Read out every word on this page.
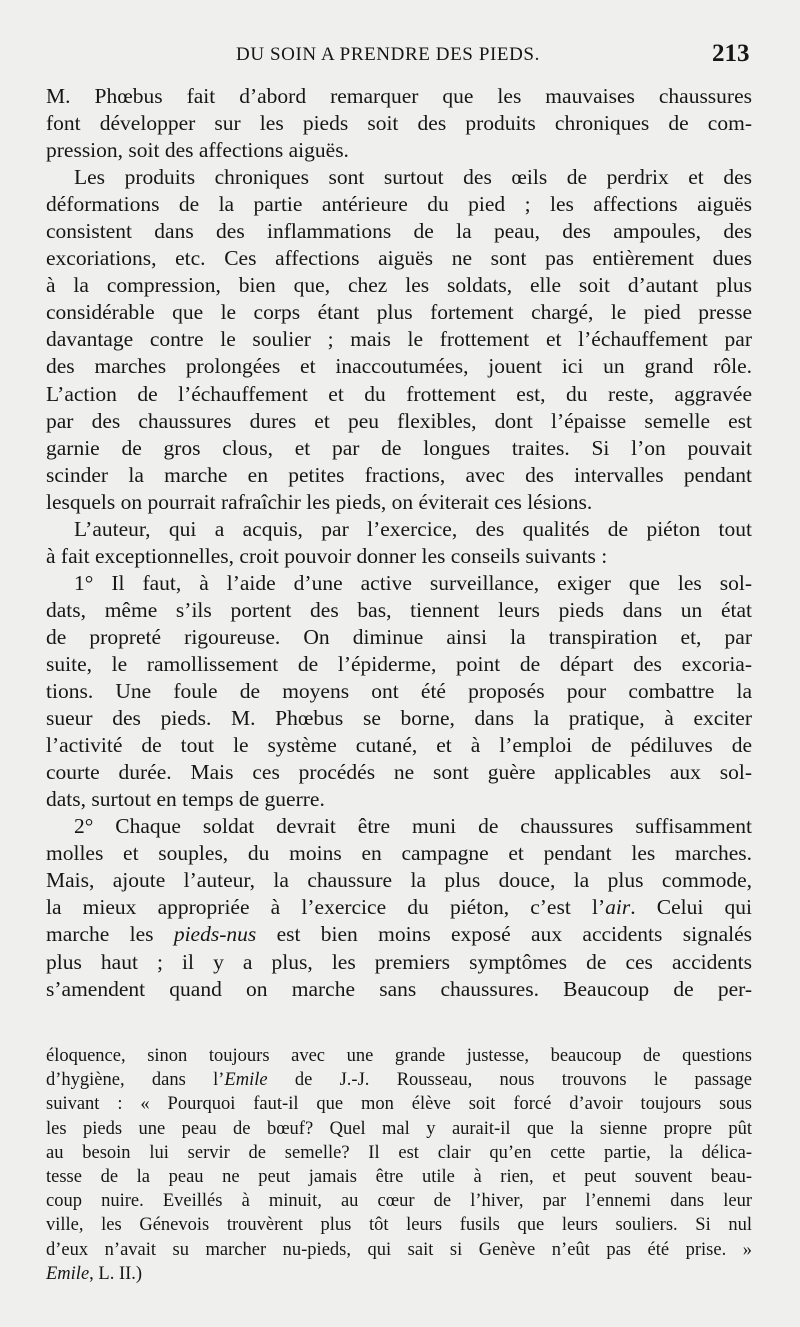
DU SOIN A PRENDRE DES PIEDS.	213
M. Phœbus fait d’abord remarquer que les mauvaises chaussures
font développer sur les pieds soit des produits chroniques de com-
pression, soit des affections aiguës.
Les produits chroniques sont surtout des œils de perdrix et des
déformations de la partie antérieure du pied ; les affections aiguës
consistent dans des inflammations de la peau, des ampoules, des
excoriations, etc. Ces affections aiguës ne sont pas entièrement dues
à la compression, bien que, chez les soldats, elle soit d’autant plus
considérable que le corps étant plus fortement chargé, le pied presse
davantage contre le soulier ; mais le frottement et l’échauffement par
des marches prolongées et inaccoutumées, jouent ici un grand rôle.
L’action de l’échauffement et du frottement est, du reste, aggravée
par des chaussures dures et peu flexibles, dont l’épaisse semelle est
garnie de gros clous, et par de longues traites. Si l’on pouvait
scinder la marche en petites fractions, avec des intervalles pendant
lesquels on pourrait rafraîchir les pieds, on éviterait ces lésions.
L’auteur, qui a acquis, par l’exercice, des qualités de piéton tout
à fait exceptionnelles, croit pouvoir donner les conseils suivants :
1° Il faut, à l’aide d’une active surveillance, exiger que les sol-
dats, même s’ils portent des bas, tiennent leurs pieds dans un état
de propreté rigoureuse. On diminue ainsi la transpiration et, par
suite, le ramollissement de l’épiderme, point de départ des excoria-
tions. Une foule de moyens ont été proposés pour combattre la
sueur des pieds. M. Phœbus se borne, dans la pratique, à exciter
l’activité de tout le système cutané, et à l’emploi de pédiluves de
courte durée. Mais ces procédés ne sont guère applicables aux sol-
dats, surtout en temps de guerre.
2° Chaque soldat devrait être muni de chaussures suffisamment
molles et souples, du moins en campagne et pendant les marches.
Mais, ajoute l’auteur, la chaussure la plus douce, la plus commode,
la mieux appropriée à l’exercice du piéton, c’est l’air. Celui qui
marche les pieds-nus est bien moins exposé aux accidents signalés
plus haut ; il y a plus, les premiers symptômes de ces accidents
s’amendent quand on marche sans chaussures. Beaucoup de per-
éloquence, sinon toujours avec une grande justesse, beaucoup de questions
d’hygiène, dans l’Emile de J.-J. Rousseau, nous trouvons le passage
suivant : « Pourquoi faut-il que mon élève soit forcé d’avoir toujours sous
les pieds une peau de bœuf? Quel mal y aurait-il que la sienne propre pût
au besoin lui servir de semelle? Il est clair qu’en cette partie, la délica-
tesse de la peau ne peut jamais être utile à rien, et peut souvent beau-
coup nuire. Eveillés à minuit, au cœur de l’hiver, par l’ennemi dans leur
ville, les Génevois trouvèrent plus tôt leurs fusils que leurs souliers. Si nul
d’eux n’avait su marcher nu-pieds, qui sait si Genève n’eût pas été prise. »
Emile, L. II.)
